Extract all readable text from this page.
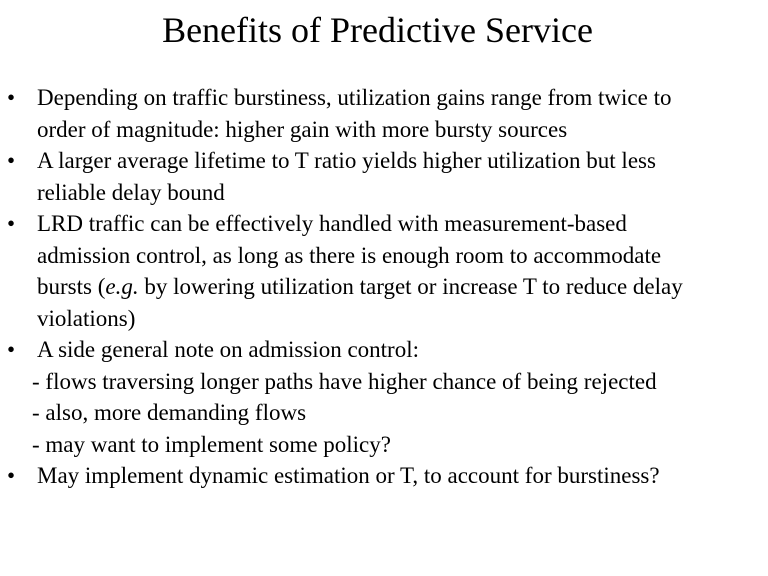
Benefits of Predictive Service
• Depending on traffic burstiness, utilization gains range from twice to
order of magnitude: higher gain with more bursty sources
• A larger average lifetime to T ratio yields higher utilization but less
reliable delay bound
• LRD traffic can be effectively handled with measurement-based
admission control, as long as there is enough room to accommodate
bursts (e.g. by lowering utilization target or increase T to reduce delay
violations)
• A side general note on admission control:
- flows traversing longer paths have higher chance of being rejected
- also, more demanding flows
- may want to implement some policy?
• May implement dynamic estimation or T, to account for burstiness?
